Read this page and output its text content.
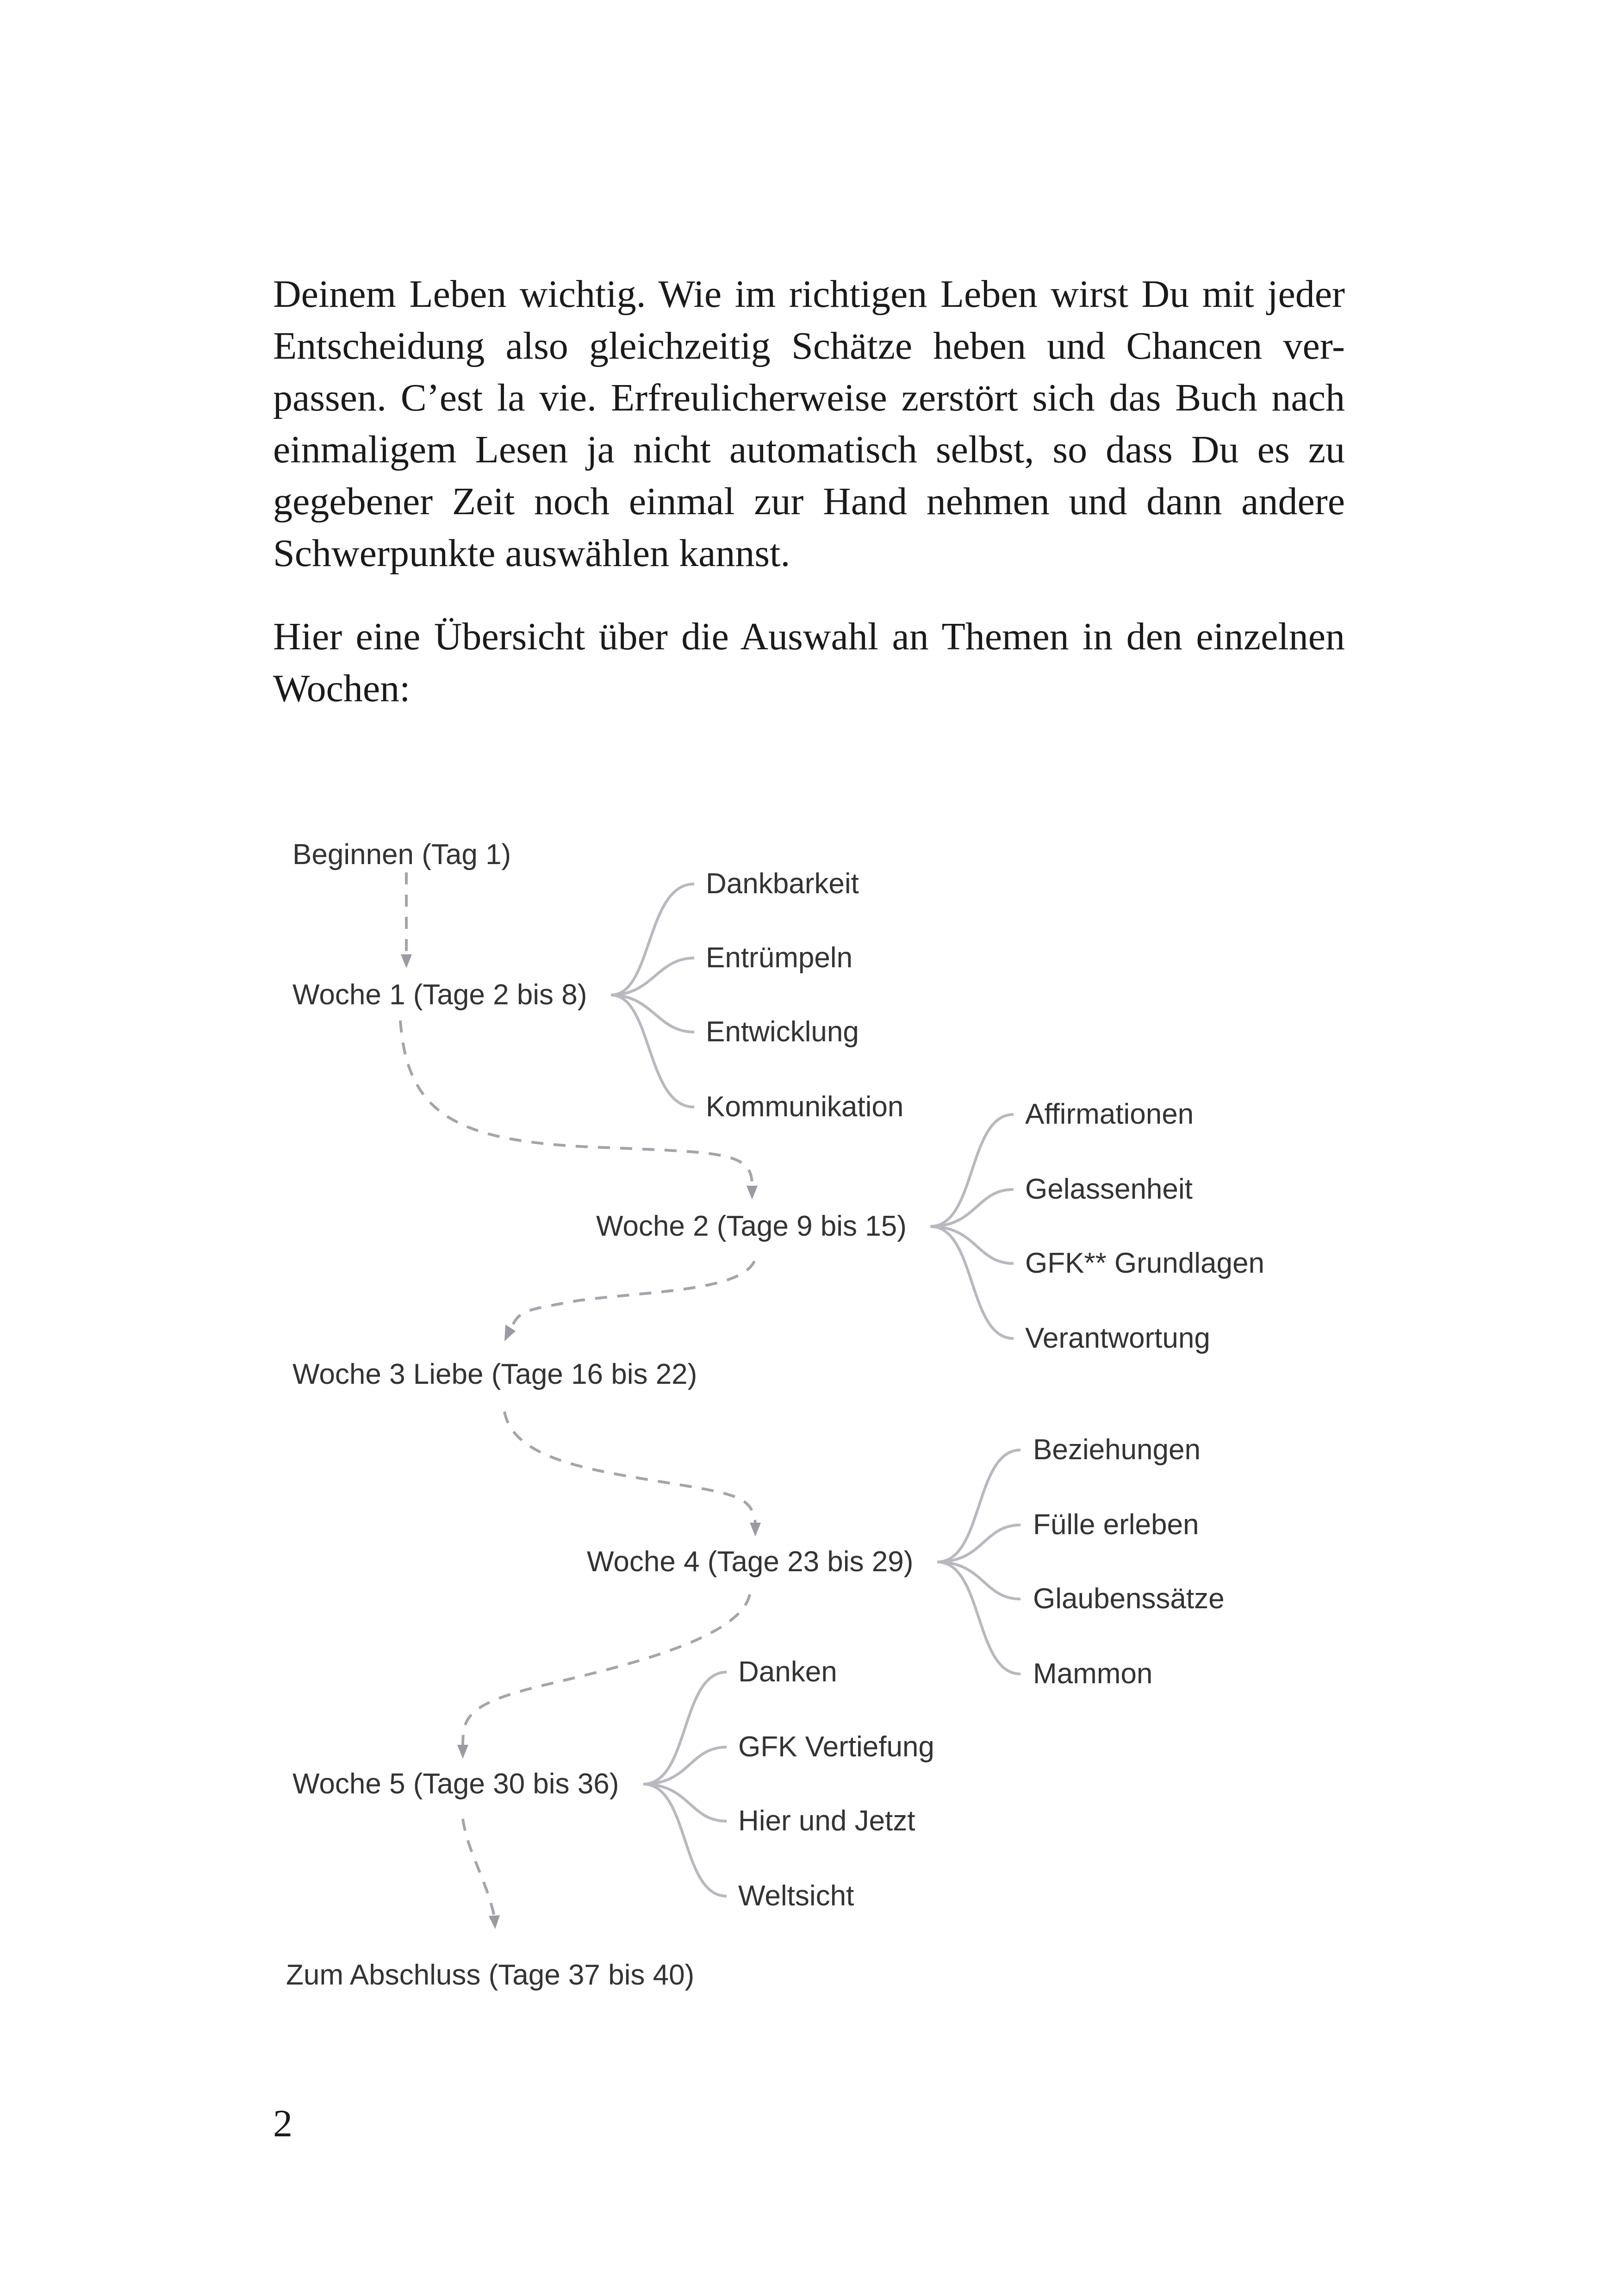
Deinem Leben wichtig. Wie im richtigen Leben wirst Du mit jeder
Entscheidung also gleichzeitig Schätze heben und Chancen ver-
passen. C’est la vie. Erfreulicherweise zerstört sich das Buch nach
einmaligem Lesen ja nicht automatisch selbst, so dass Du es zu
gegebener Zeit noch einmal zur Hand nehmen und dann andere
Schwerpunkte auswählen kannst.
Hier eine Übersicht über die Auswahl an Themen in den einzelnen
Wochen:
Beginnen (Tag 1)
Woche 1 (Tage 2 bis 8)
Woche 2 (Tage 9 bis 15)
Woche 3 Liebe (Tage 16 bis 22)
Woche 4 (Tage 23 bis 29)
Woche 5 (Tage 30 bis 36)
Zum Abschluss (Tage 37 bis 40)
Dankbarkeit
Entrümpeln
Entwicklung
Kommunikation	Affirmationen
Gelassenheit
GFK** Grundlagen
Verantwortung
Beziehungen
Fülle erleben
Glaubenssätze
Mammon
Danken
GFK Vertiefung
Hier und Jetzt
Weltsicht
2
